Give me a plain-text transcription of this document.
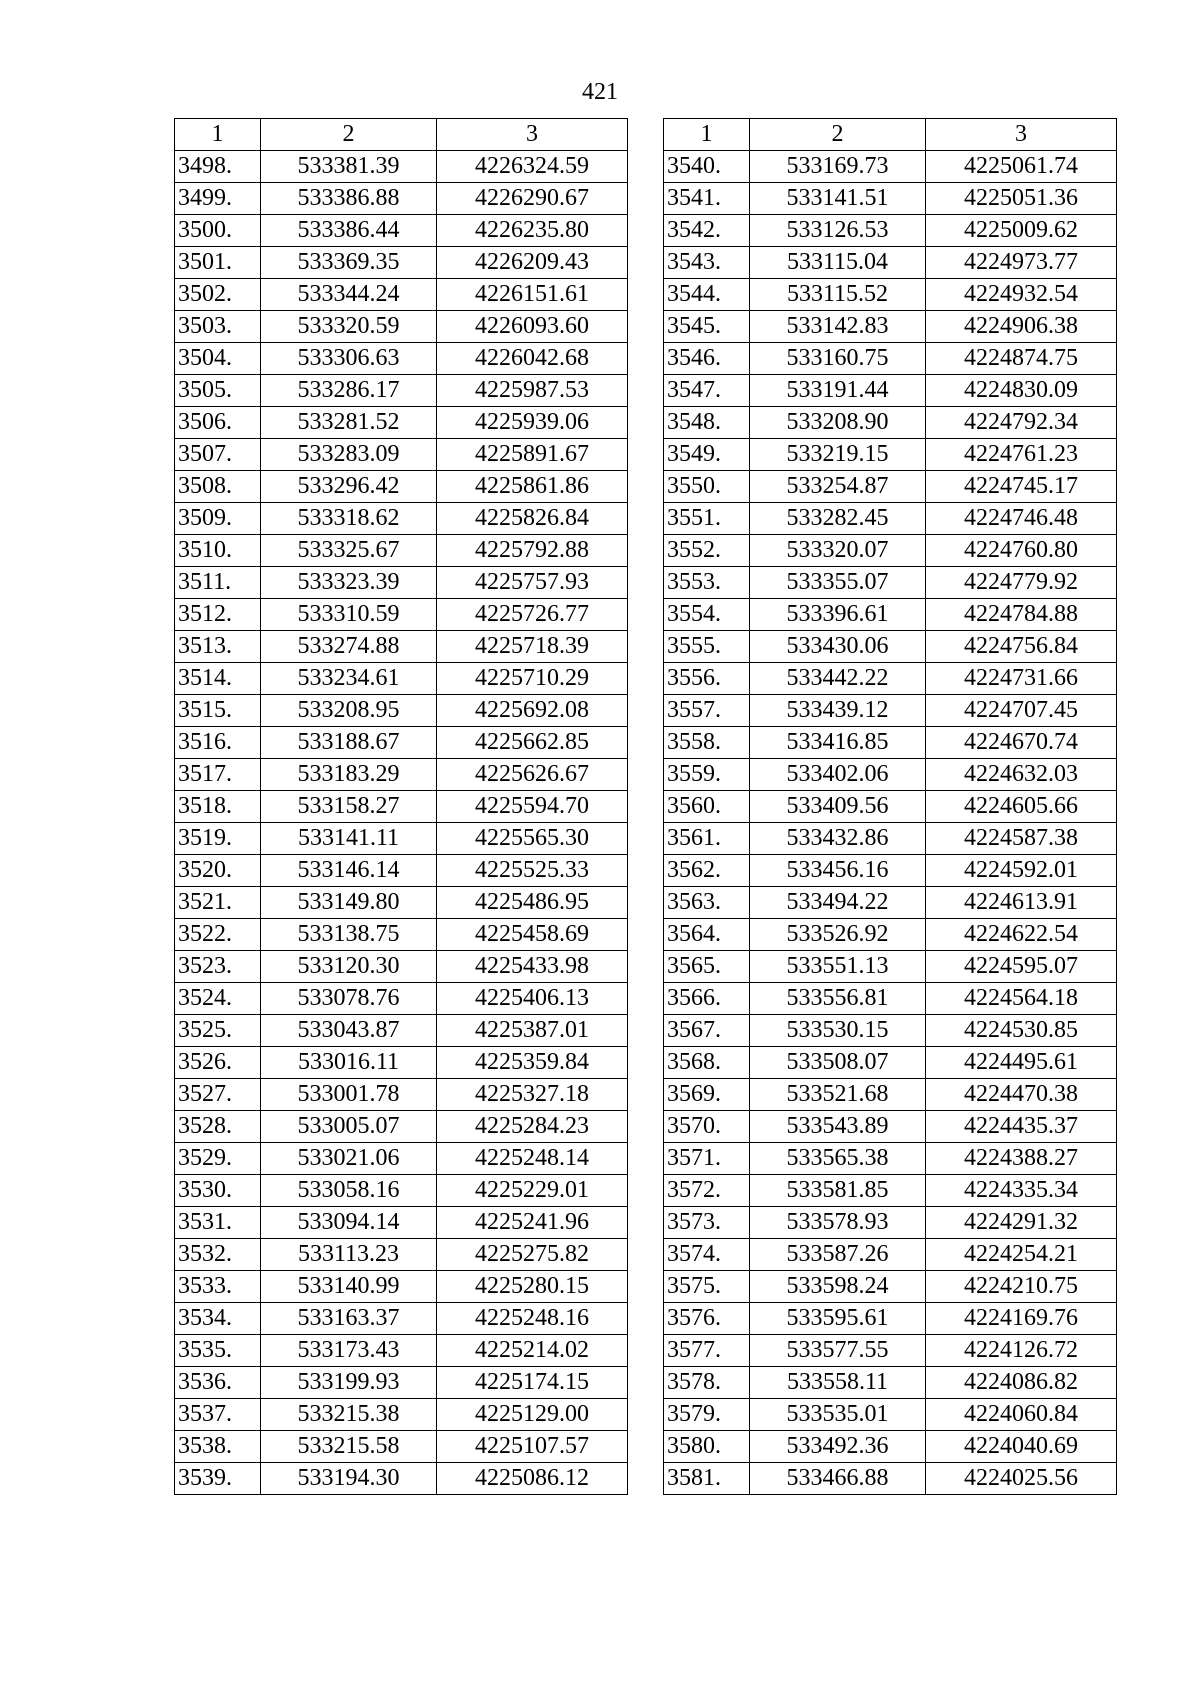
421
1	2	3
3498.	533381.39	4226324.59
3499.	533386.88	4226290.67
3500.	533386.44	4226235.80
3501.	533369.35	4226209.43
3502.	533344.24	4226151.61
3503.	533320.59	4226093.60
3504.	533306.63	4226042.68
3505.	533286.17	4225987.53
3506.	533281.52	4225939.06
3507.	533283.09	4225891.67
3508.	533296.42	4225861.86
3509.	533318.62	4225826.84
3510.	533325.67	4225792.88
3511.	533323.39	4225757.93
3512.	533310.59	4225726.77
3513.	533274.88	4225718.39
3514.	533234.61	4225710.29
3515.	533208.95	4225692.08
3516.	533188.67	4225662.85
3517.	533183.29	4225626.67
3518.	533158.27	4225594.70
3519.	533141.11	4225565.30
3520.	533146.14	4225525.33
3521.	533149.80	4225486.95
3522.	533138.75	4225458.69
3523.	533120.30	4225433.98
3524.	533078.76	4225406.13
3525.	533043.87	4225387.01
3526.	533016.11	4225359.84
3527.	533001.78	4225327.18
3528.	533005.07	4225284.23
3529.	533021.06	4225248.14
3530.	533058.16	4225229.01
3531.	533094.14	4225241.96
3532.	533113.23	4225275.82
3533.	533140.99	4225280.15
3534.	533163.37	4225248.16
3535.	533173.43	4225214.02
3536.	533199.93	4225174.15
3537.	533215.38	4225129.00
3538.	533215.58	4225107.57
3539.	533194.30	4225086.12
1	2	3
3540.	533169.73	4225061.74
3541.	533141.51	4225051.36
3542.	533126.53	4225009.62
3543.	533115.04	4224973.77
3544.	533115.52	4224932.54
3545.	533142.83	4224906.38
3546.	533160.75	4224874.75
3547.	533191.44	4224830.09
3548.	533208.90	4224792.34
3549.	533219.15	4224761.23
3550.	533254.87	4224745.17
3551.	533282.45	4224746.48
3552.	533320.07	4224760.80
3553.	533355.07	4224779.92
3554.	533396.61	4224784.88
3555.	533430.06	4224756.84
3556.	533442.22	4224731.66
3557.	533439.12	4224707.45
3558.	533416.85	4224670.74
3559.	533402.06	4224632.03
3560.	533409.56	4224605.66
3561.	533432.86	4224587.38
3562.	533456.16	4224592.01
3563.	533494.22	4224613.91
3564.	533526.92	4224622.54
3565.	533551.13	4224595.07
3566.	533556.81	4224564.18
3567.	533530.15	4224530.85
3568.	533508.07	4224495.61
3569.	533521.68	4224470.38
3570.	533543.89	4224435.37
3571.	533565.38	4224388.27
3572.	533581.85	4224335.34
3573.	533578.93	4224291.32
3574.	533587.26	4224254.21
3575.	533598.24	4224210.75
3576.	533595.61	4224169.76
3577.	533577.55	4224126.72
3578.	533558.11	4224086.82
3579.	533535.01	4224060.84
3580.	533492.36	4224040.69
3581.	533466.88	4224025.56
